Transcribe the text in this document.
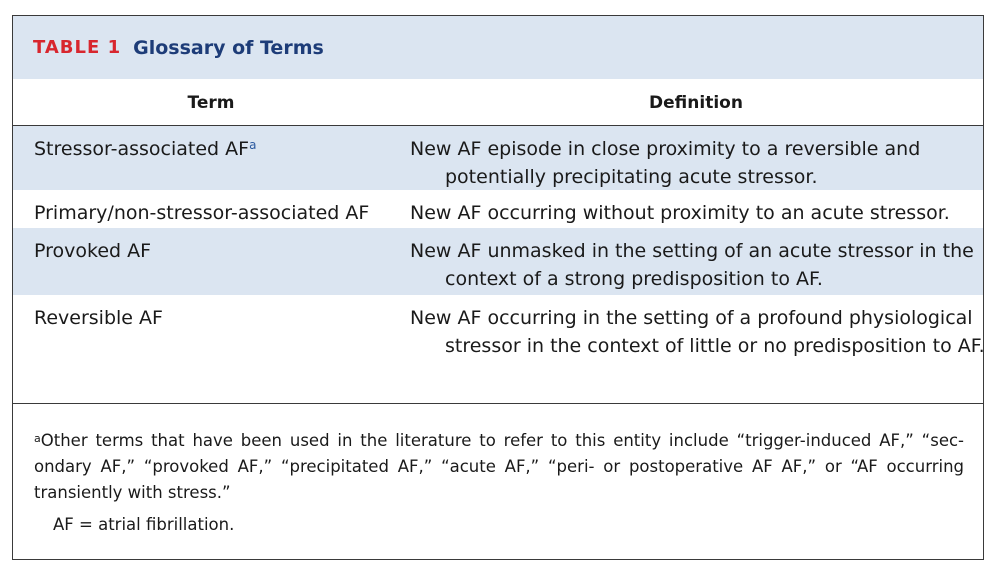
TABLE 1 Glossary of Terms
Term	Definition
Stressor-associated AF$^a$	New AF episode in close proximity to a reversible and potentially precipitating acute stressor.
Primary/non-stressor-associated AF	New AF occurring without proximity to an acute stressor.
Provoked AF	New AF unmasked in the setting of an acute stressor in the context of a strong predisposition to AF.
Reversible AF	New AF occurring in the setting of a profound physiological stressor in the context of little or no predisposition to AF.
$^a$Other terms that have been used in the literature to refer to this entity include “trigger-induced AF,” “sec-ondary AF,” “provoked AF,” “precipitated AF,” “acute AF,” “peri- or postoperative AF AF,” or “AF occurring transiently with stress.”
AF = atrial fibrillation.
